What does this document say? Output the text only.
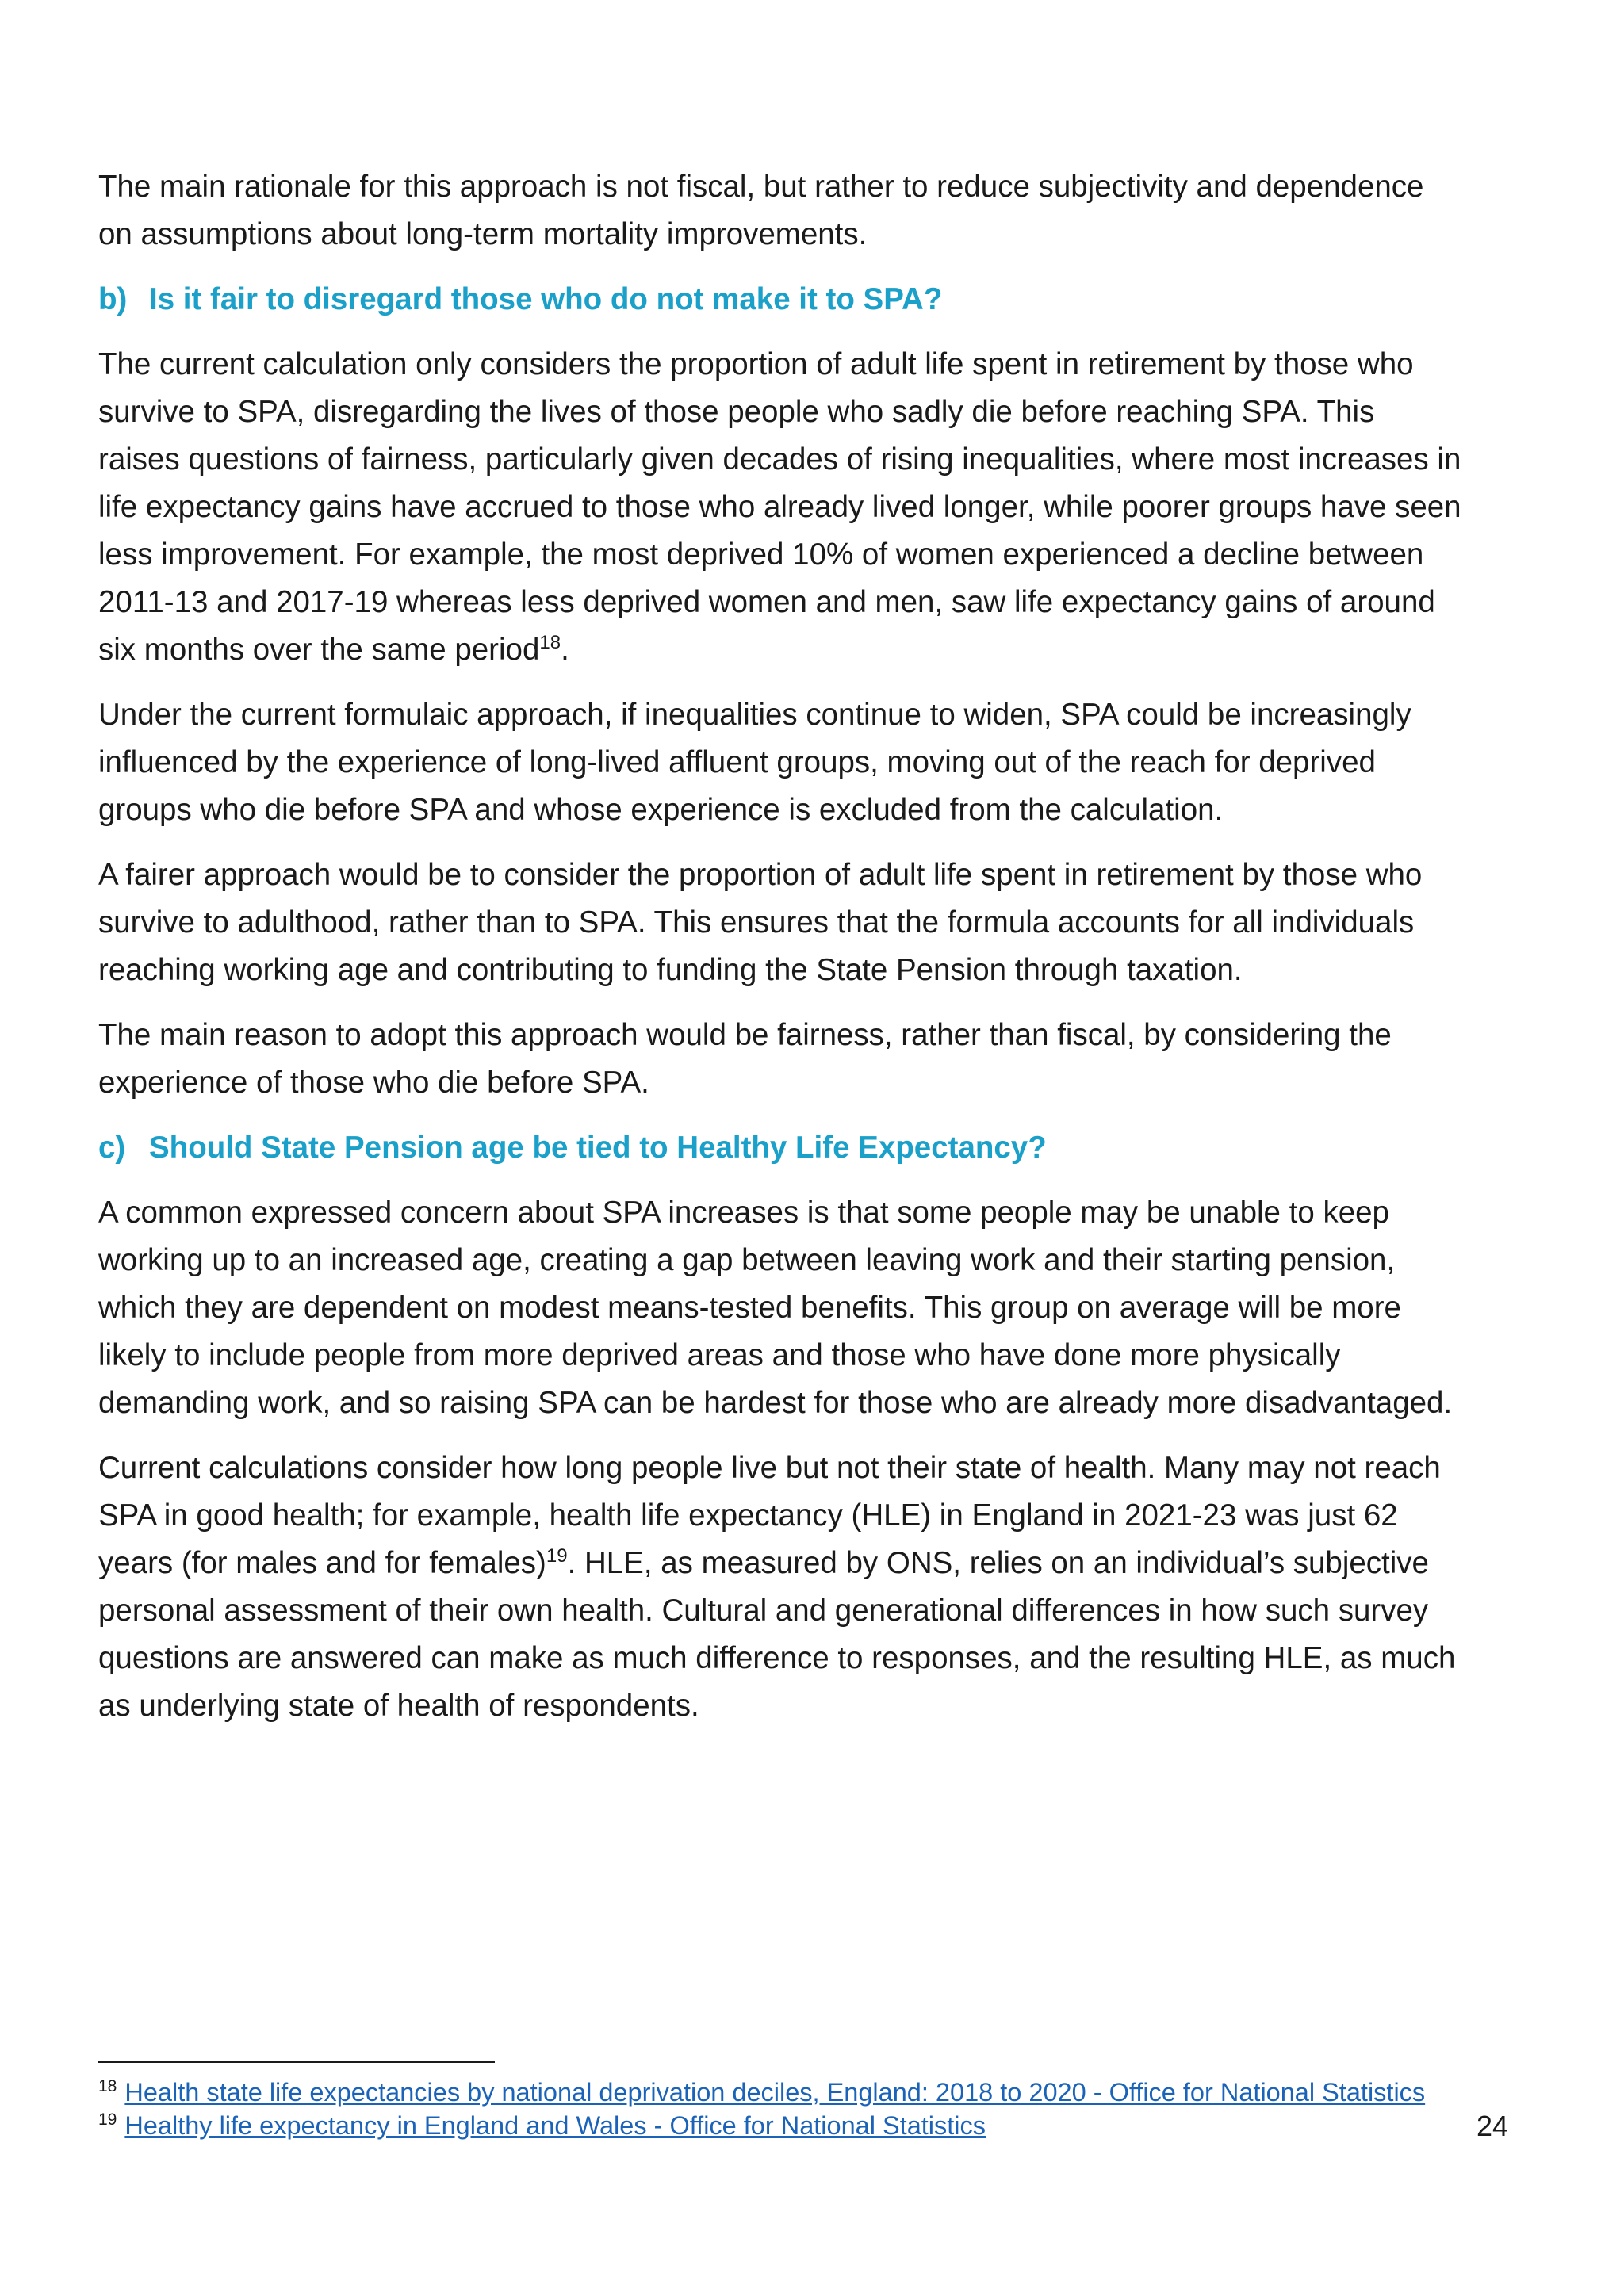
The main rationale for this approach is not fiscal, but rather to reduce subjectivity and dependence on assumptions about long-term mortality improvements.

b) Is it fair to disregard those who do not make it to SPA?

The current calculation only considers the proportion of adult life spent in retirement by those who survive to SPA, disregarding the lives of those people who sadly die before reaching SPA. This raises questions of fairness, particularly given decades of rising inequalities, where most increases in life expectancy gains have accrued to those who already lived longer, while poorer groups have seen less improvement. For example, the most deprived 10% of women experienced a decline between 2011-13 and 2017-19 whereas less deprived women and men, saw life expectancy gains of around six months over the same period$^{18}$.

Under the current formulaic approach, if inequalities continue to widen, SPA could be increasingly influenced by the experience of long-lived affluent groups, moving out of the reach for deprived groups who die before SPA and whose experience is excluded from the calculation.

A fairer approach would be to consider the proportion of adult life spent in retirement by those who survive to adulthood, rather than to SPA. This ensures that the formula accounts for all individuals reaching working age and contributing to funding the State Pension through taxation.

The main reason to adopt this approach would be fairness, rather than fiscal, by considering the experience of those who die before SPA.

c) Should State Pension age be tied to Healthy Life Expectancy?

A common expressed concern about SPA increases is that some people may be unable to keep working up to an increased age, creating a gap between leaving work and their starting pension, which they are dependent on modest means-tested benefits. This group on average will be more likely to include people from more deprived areas and those who have done more physically demanding work, and so raising SPA can be hardest for those who are already more disadvantaged.

Current calculations consider how long people live but not their state of health. Many may not reach SPA in good health; for example, health life expectancy (HLE) in England in 2021-23 was just 62 years (for males and for females)$^{19}$. HLE, as measured by ONS, relies on an individual’s subjective personal assessment of their own health. Cultural and generational differences in how such survey questions are answered can make as much difference to responses, and the resulting HLE, as much as underlying state of health of respondents.

$^{18}$ Health state life expectancies by national deprivation deciles, England: 2018 to 2020 - Office for National Statistics
$^{19}$ Healthy life expectancy in England and Wales - Office for National Statistics	24
